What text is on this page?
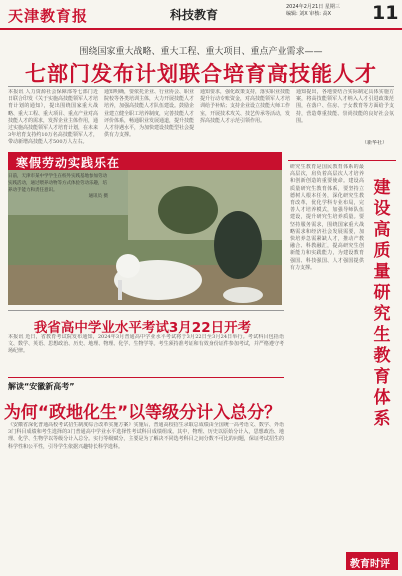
天津教育报	科技教育
2024年2月21日 星期三
编辑: 刘X 审核: 高X	11
围绕国家重大战略、重大工程、重大项目、重点产业需求——
七部门发布计划联合培育高技能人才
本报讯 人力资源社会保障部等七部门近日联合印发《关于实施高技能领军人才培育计划的通知》，提出围绕国家重大战略、重大工程、重大项目、重点产业对高技能人才的需求，发挥企业主体作用，通过实施高技能领军人才培育计划，在未来3年培育支持约10万名高技能领军人才，带动新增高技能人才500万人左右。
通知明确，要依托企业、行业协会、职业院校等各类培训主体，大力开展技能人才培养，加强高技能人才队伍建设。鼓励企业建立健全职工培养制度，完善技能人才评价体系，畅通职业发展通道，提升技能人才待遇水平，为加快建设技能型社会提供有力支撑。
通知要求，强化政策支持，落实职业技能提升行动专账资金，对高技能领军人才培训给予补贴；支持企业设立技能大师工作室，开展技术攻关、技艺传承等活动，发挥高技能人才示范引领作用。
通知提出，各地要结合实际制定具体实施方案，将高技能领军人才纳入人才引进政策范围，在落户、住房、子女教育等方面给予支持，营造尊重技能、崇尚技能的良好社会氛围。
（新华社）
寒假劳动实践乐在
日前，天津市某中学学生在校外实践基地参加劳动实践活动，通过喂养动物等方式体验劳动乐趣，培养动手能力和责任意识。
通讯员 摄
研究生教育是国民教育体系的最高层次，肩负着高层次人才培养和创新创造的重要使命。建设高质量研究生教育体系，要坚持立德树人根本任务，深化研究生教育改革，优化学科专业布局，完善人才培养模式，加强导师队伍建设，提升研究生培养质量。要坚持服务需求，围绕国家重大战略需求和经济社会发展需要，加快培养急需紧缺人才，推动产教融合、科教融汇，提高研究生创新能力和实践能力，为建设教育强国、科技强国、人才强国提供有力支撑。
建设高质量研究生教育体系
我省高中学业水平考试3月22日开考
本报讯 近日，省教育考试院发布通知，2024年3月普通高中学业水平考试将于3月22日至3月24日举行。考试科目包括语文、数学、英语、思想政治、历史、地理、物理、化学、生物学等。考生须持准考证和有效身份证件参加考试，并严格遵守考场纪律。
解读“安徽新高考”
为何“政地化生”以等级分计入总分？
《安徽省深化普通高校考试招生制度综合改革实施方案》实施后，普通高校招生录取总成绩由全国统一高考语文、数学、外语3门科目成绩和考生选择的3门普通高中学业水平选择性考试科目成绩组成。其中，物理、历史以原始分计入，思想政治、地理、化学、生物学以等级分计入总分。实行等级赋分，主要是为了解决不同选考科目之间分数不可比的问题，保证考试招生的科学性和公平性，引导学生依据兴趣特长科学选科。
教育时评
